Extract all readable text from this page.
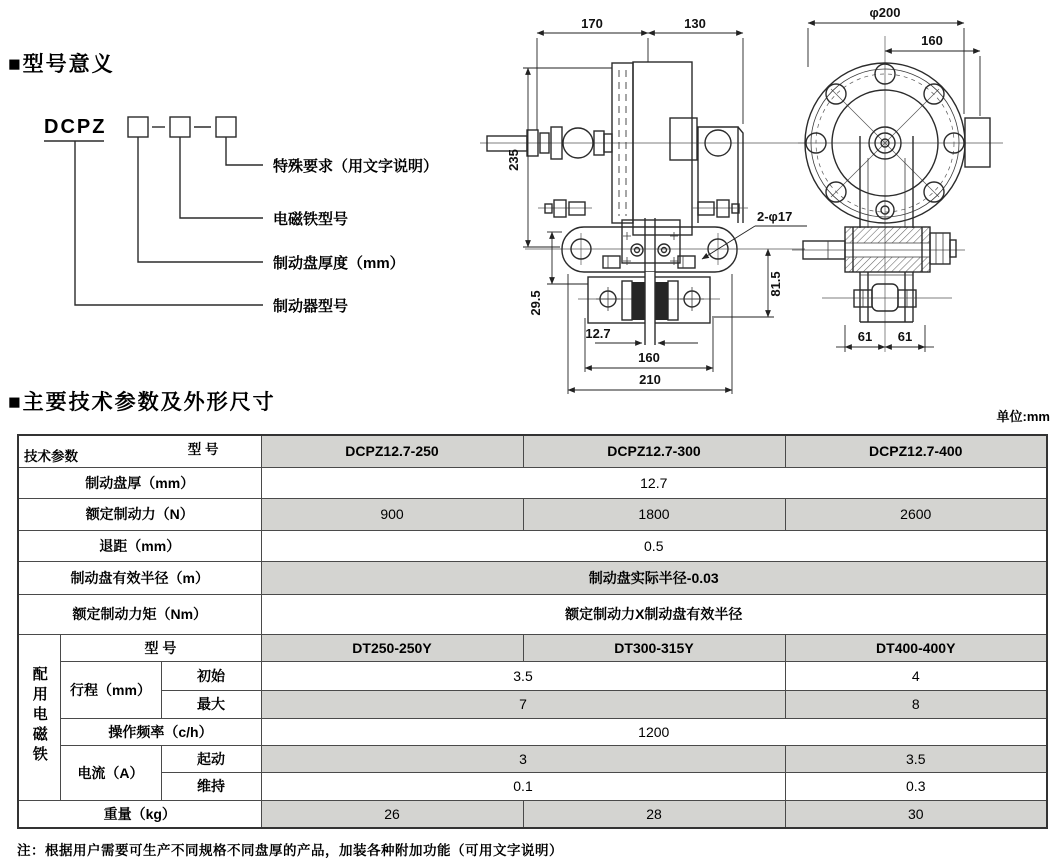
■型号意义
DCPZ
特殊要求（用文字说明）
电磁铁型号
制动盘厚度（mm）
制动器型号
170	130
235
29.5
81.5
12.7
160
210
2-φ17
φ200
160
61 61
■主要技术参数及外形尺寸
单位:mm
型 号
技术参数			DCPZ12.7-250	DCPZ12.7-300	DCPZ12.7-400
制动盘厚（mm）			12.7		
额定制动力（N）			900	1800	2600
退距（mm）			0.5		
制动盘有效半径（m）			制动盘实际半径-0.03		
额定制动力矩（Nm）			额定制动力X制动盘有效半径		
配用电磁铁	型 号		DT250-250Y	DT300-315Y	DT400-400Y
	行程（mm）	初始	3.5		4
		最大	7		8
	操作频率（c/h）		1200		
	电流（A）	起动	3		3.5
		维持	0.1		0.3
重量（kg）			26	28	30
注：根据用户需要可生产不同规格不同盘厚的产品，加装各种附加功能（可用文字说明）
